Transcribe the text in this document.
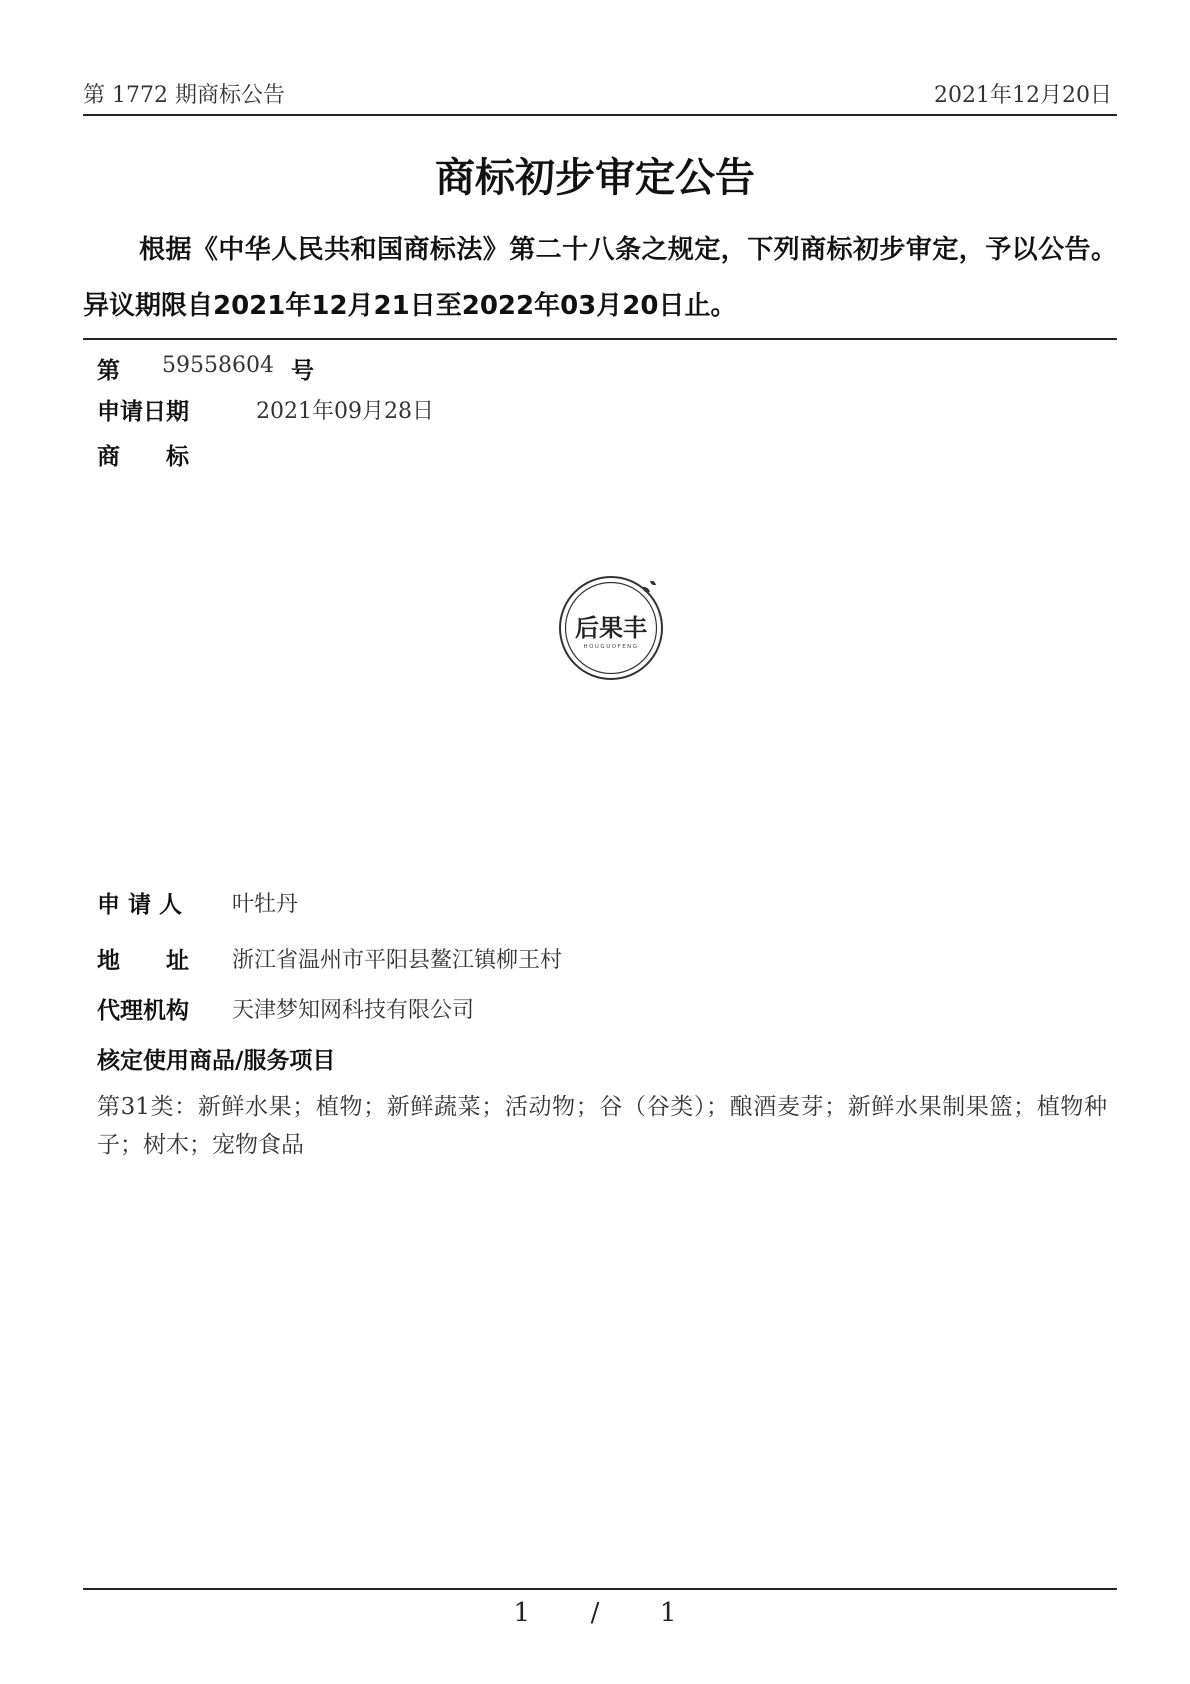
第 1772 期商标公告	2021年12月20日
商标初步审定公告
根据《中华人民共和国商标法》第二十八条之规定，下列商标初步审定，予以公告。异议期限自2021年12月21日至2022年03月20日止。
第 59558604 号
申请日期	2021年09月28日
商　　标
后果丰
HOUGUOFENG
申 请 人 叶牡丹
地　　址 浙江省温州市平阳县鳌江镇柳王村
代理机构 天津梦知网科技有限公司
核定使用商品/服务项目
第31类：新鲜水果；植物；新鲜蔬菜；活动物；谷（谷类）；酿酒麦芽；新鲜水果制果篮；植物种子；树木；宠物食品
1 / 1
